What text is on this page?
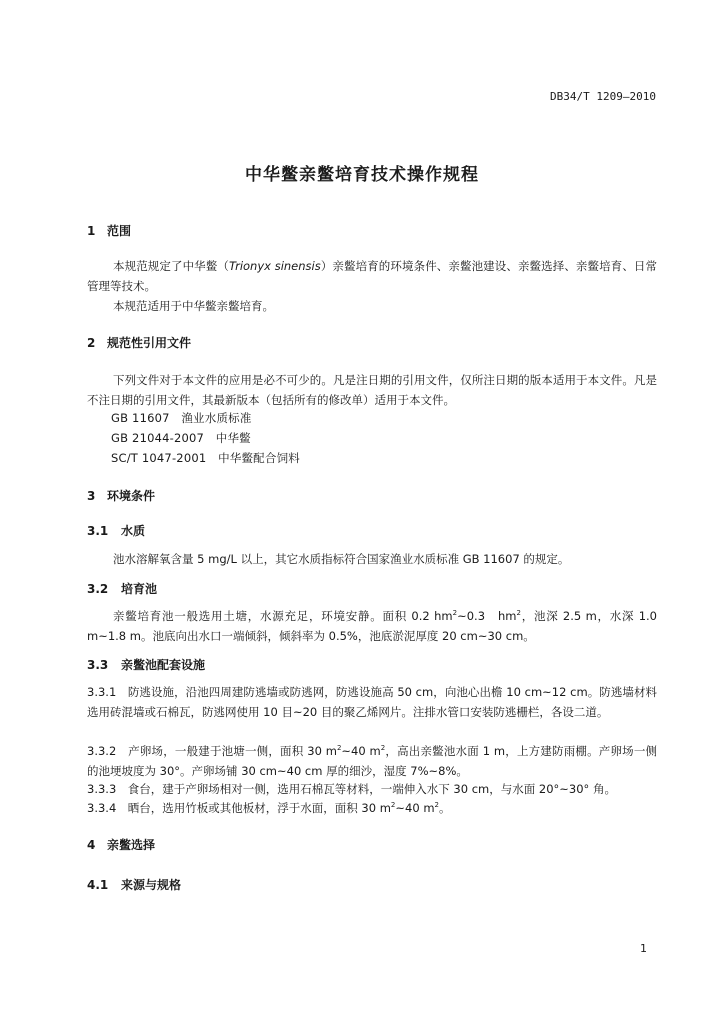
DB34/T 1209—2010
中华鳖亲鳖培育技术操作规程
1 范围
本规范规定了中华鳖（Trionyx sinensis）亲鳖培育的环境条件、亲鳖池建设、亲鳖选择、亲鳖培育、日常管理等技术。
本规范适用于中华鳖亲鳖培育。
2 规范性引用文件
下列文件对于本文件的应用是必不可少的。凡是注日期的引用文件，仅所注日期的版本适用于本文件。凡是不注日期的引用文件，其最新版本（包括所有的修改单）适用于本文件。
GB 11607　渔业水质标准
GB 21044-2007　中华鳖
SC/T 1047-2001　中华鳖配合饲料
3 环境条件
3.1 水质
池水溶解氧含量 5 mg/L 以上，其它水质指标符合国家渔业水质标准 GB 11607 的规定。
3.2 培育池
亲鳖培育池一般选用土塘，水源充足，环境安静。面积 0.2 $hm^2\sim 0.3$　$hm^2$，池深 2.5 m，水深 1.0 m~1.8 m。池底向出水口一端倾斜，倾斜率为 0.5%，池底淤泥厚度 20 cm~30 cm。
3.3 亲鳖池配套设施
3.3.1　 防逃设施，沿池四周建防逃墙或防逃网，防逃设施高 50 cm，向池心出檐 10 cm~12 cm。防逃墙材料选用砖混墙或石棉瓦，防逃网使用 10 目~20 目的聚乙烯网片。注排水管口安装防逃栅栏，各设二道。
3.3.2　 产卵场，一般建于池塘一侧，面积 30 $m^2\sim 40$ $m^2$，高出亲鳖池水面 1 m，上方建防雨棚。产卵场一侧的池埂坡度为 30°。产卵场铺 30 cm~40 cm 厚的细沙，湿度 7%~8%。
3.3.3　 食台，建于产卵场相对一侧，选用石棉瓦等材料，一端伸入水下 30 cm，与水面 20°~30° 角。
3.3.4　 晒台，选用竹板或其他板材，浮于水面，面积 30 $m^2\sim 40$ $m^2$。
4 亲鳖选择
4.1 来源与规格
1
